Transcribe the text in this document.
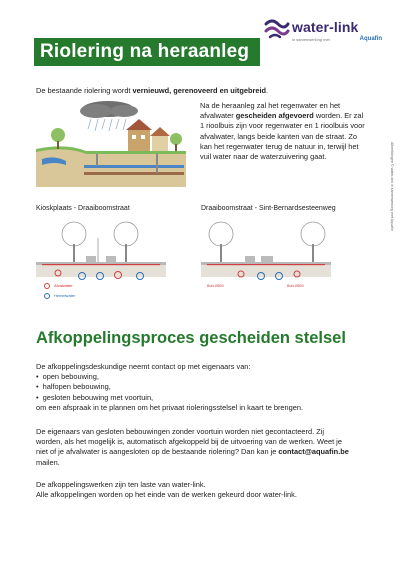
water-link
in samenwerking met	Aquafin
Riolering na heraanleg
De bestaande riolering wordt vernieuwd, gerenoveerd en uitgebreid.
Na de heraanleg zal het regenwater en het afvalwater gescheiden afgevoerd worden. Er zal 1 rioolbuis zijn voor regenwater en 1 rioolbuis voor afvalwater, langs beide kanten van de straat. Zo kan het regenwater terug de natuur in, terwijl het vuil water naar de waterzuivering gaat.	Afbeeldingen © water-link in samenwerking met Aquafin
Kioskplaats - Draaiboomstraat	Draaiboomstraat - Sint-Bernardsesteenweg
Afvalwater
Hemelwater
Buis Ø800	Buis Ø800
Afkoppelingsproces gescheiden stelsel
De afkoppelingsdeskundige neemt contact op met eigenaars van:
• open bebouwing,
• halfopen bebouwing,
• gesloten bebouwing met voortuin,
om een afspraak in te plannen om het privaat rioleringsstelsel in kaart te brengen.
De eigenaars van gesloten bebouwingen zonder voortuin worden niet gecontacteerd. Zij worden, als het mogelijk is, automatisch afgekoppeld bij de uitvoering van de werken. Weet je niet of je afvalwater is aangesloten op de bestaande riolering? Dan kan je contact@aquafin.be mailen.
De afkoppelingswerken zijn ten laste van water-link.
Alle afkoppelingen worden op het einde van de werken gekeurd door water-link.
